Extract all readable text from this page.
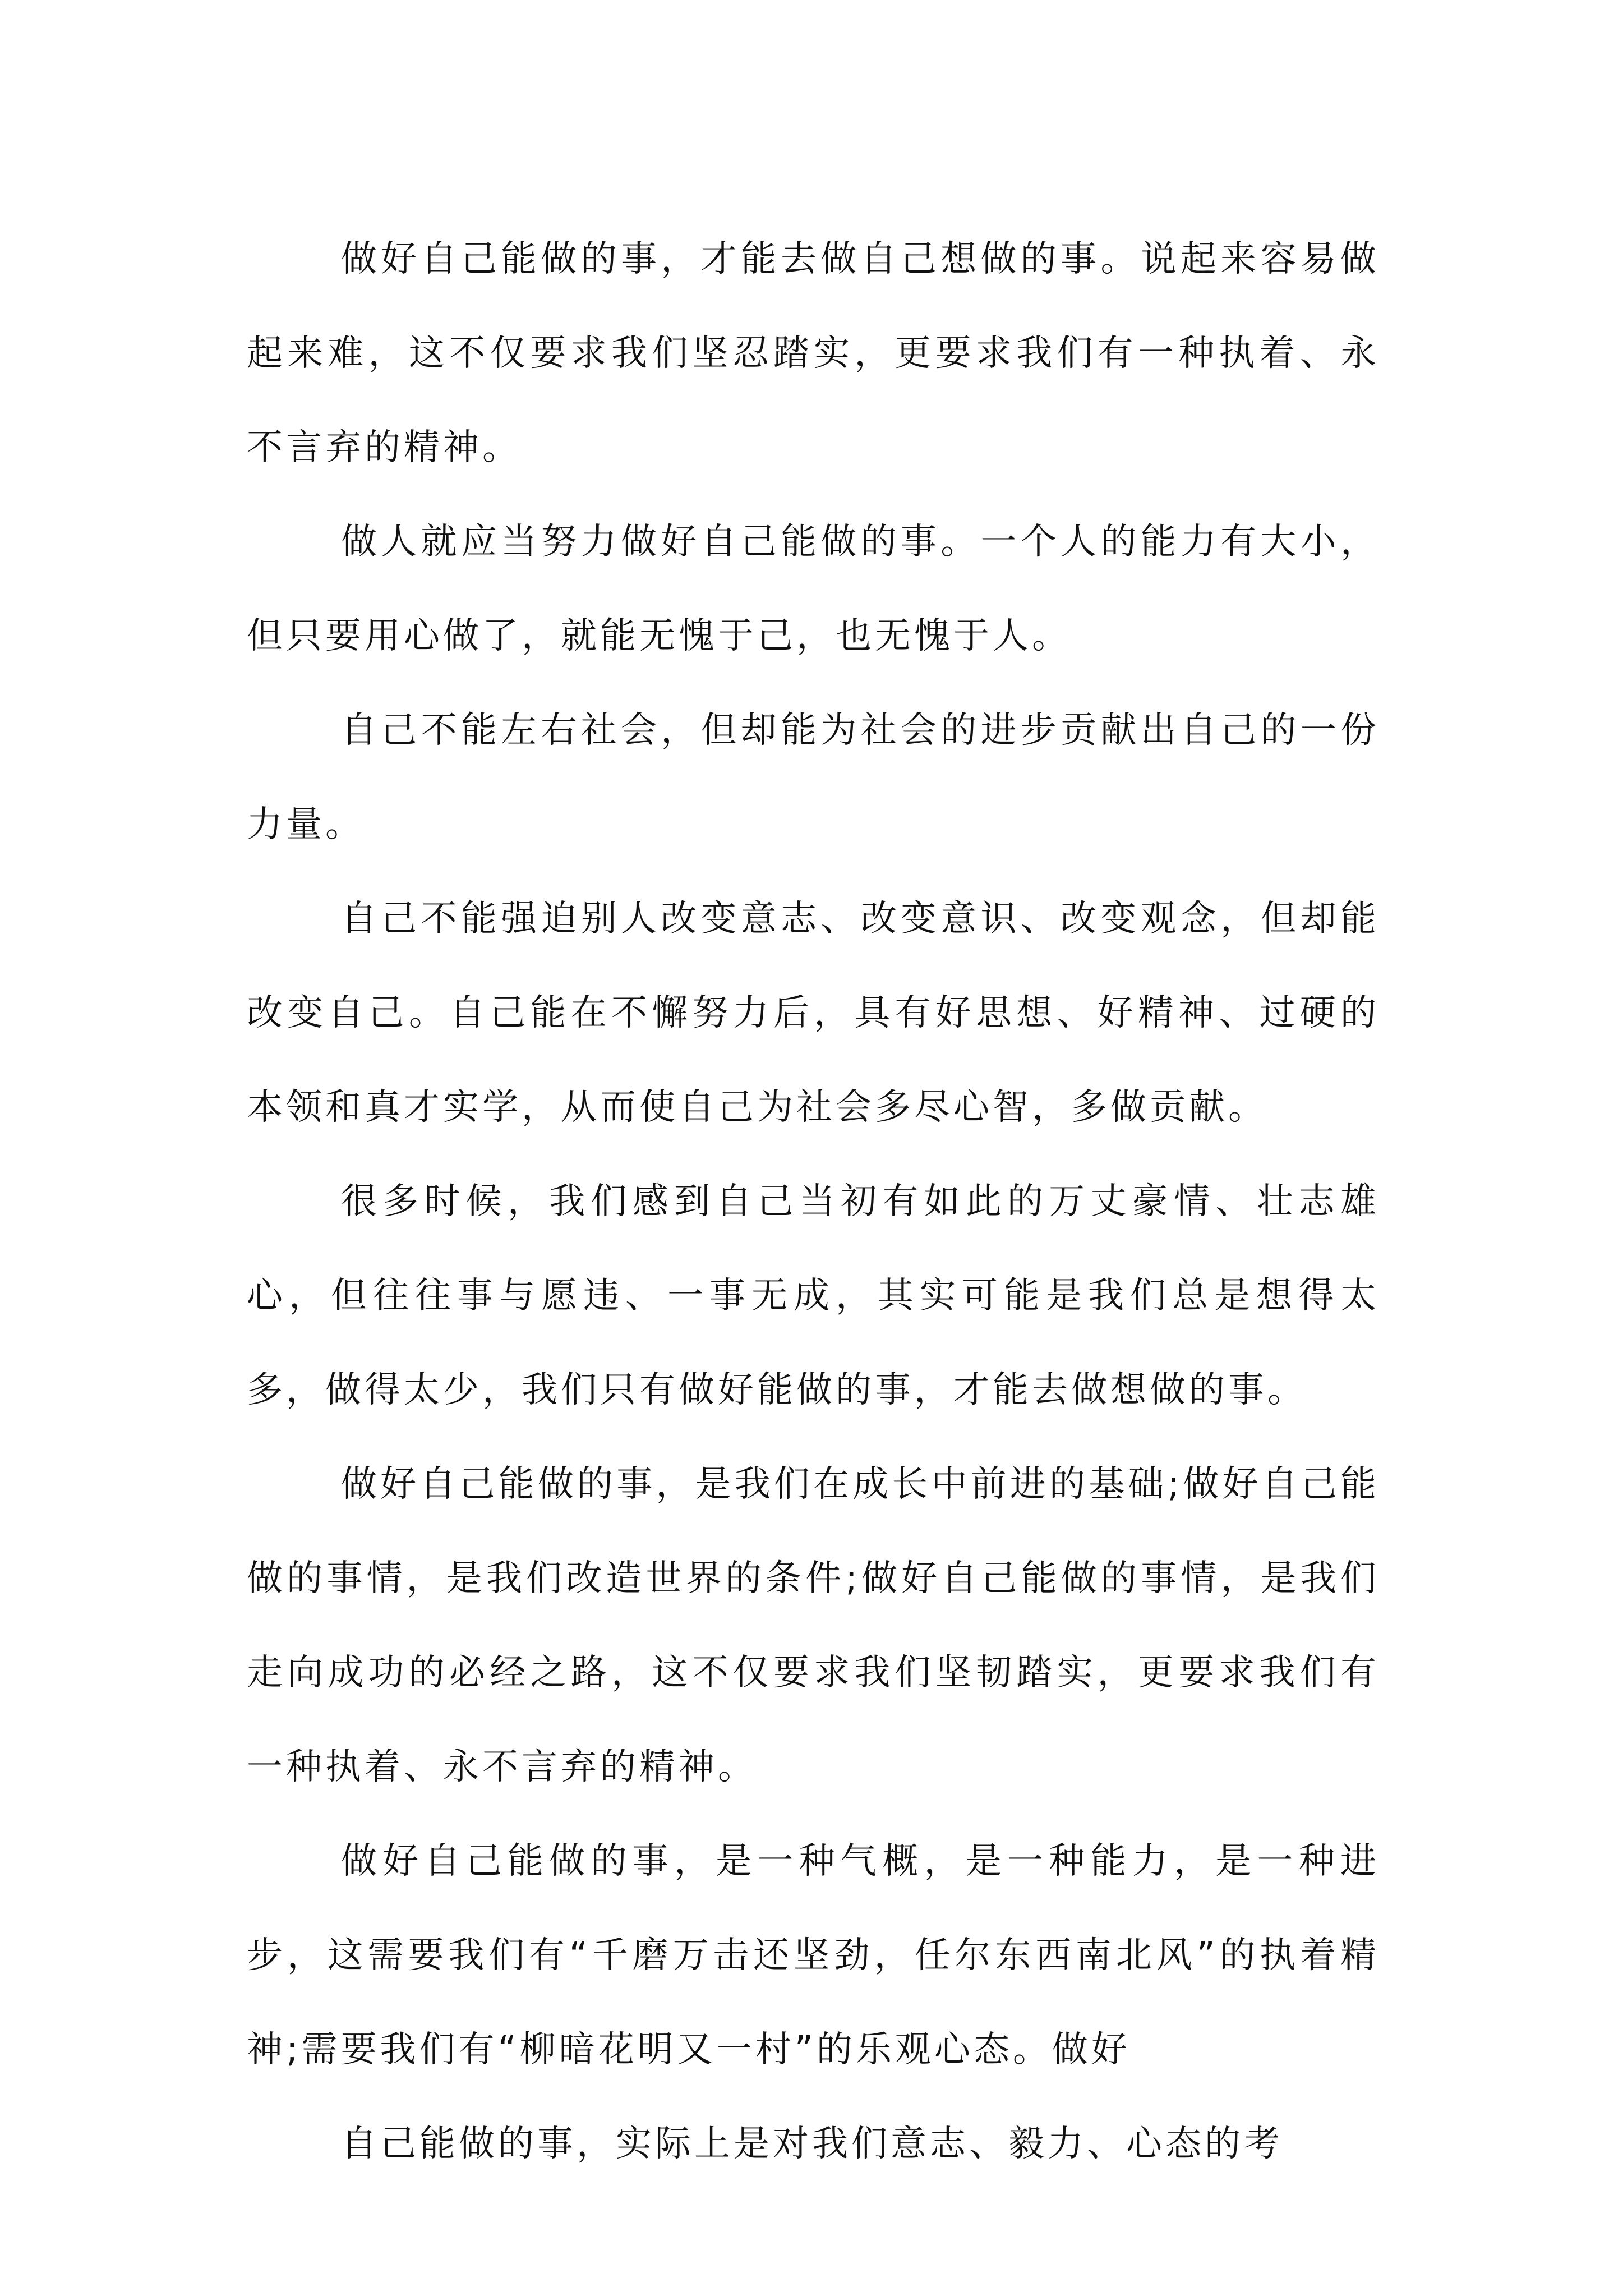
做好自己能做的事，才能去做自己想做的事。说起来容易做起来难，这不仅要求我们坚忍踏实，更要求我们有一种执着、永不言弃的精神。

做人就应当努力做好自己能做的事。一个人的能力有大小，但只要用心做了，就能无愧于己，也无愧于人。

自己不能左右社会，但却能为社会的进步贡献出自己的一份力量。

自己不能强迫别人改变意志、改变意识、改变观念，但却能改变自己。自己能在不懈努力后，具有好思想、好精神、过硬的本领和真才实学，从而使自己为社会多尽心智，多做贡献。

很多时候，我们感到自己当初有如此的万丈豪情、壮志雄心，但往往事与愿违、一事无成，其实可能是我们总是想得太多，做得太少，我们只有做好能做的事，才能去做想做的事。

做好自己能做的事，是我们在成长中前进的基础;做好自己能做的事情，是我们改造世界的条件;做好自己能做的事情，是我们走向成功的必经之路，这不仅要求我们坚韧踏实，更要求我们有一种执着、永不言弃的精神。

做好自己能做的事，是一种气概，是一种能力，是一种进步，这需要我们有“千磨万击还坚劲，任尔东西南北风”的执着精神;需要我们有“柳暗花明又一村”的乐观心态。做好

自己能做的事，实际上是对我们意志、毅力、心态的考
